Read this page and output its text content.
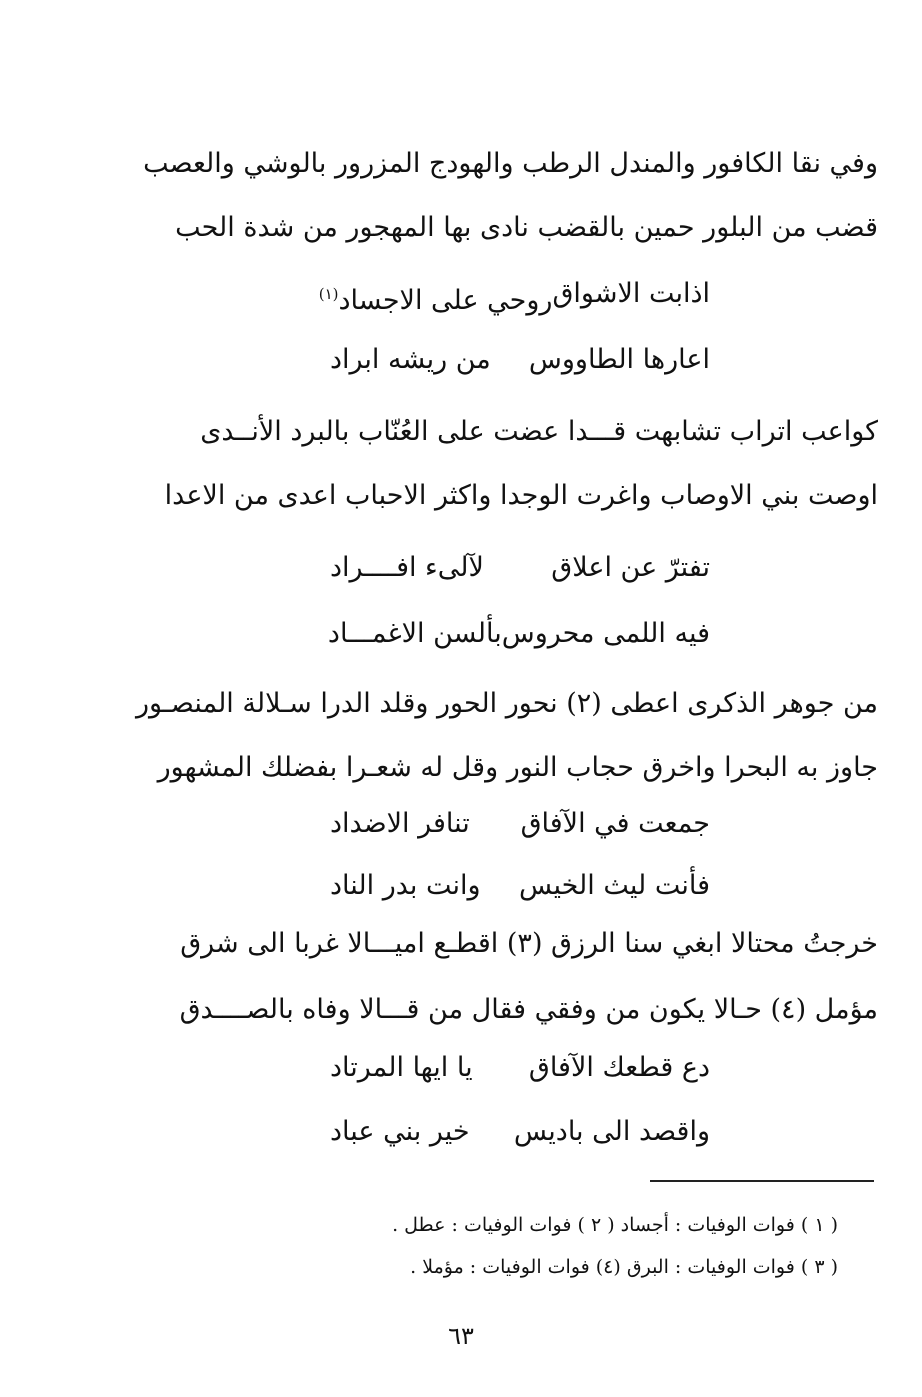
وفي نقا الكافور والمندل الرطب والهودج المزرور بالوشي والعصب
قضب من البلور حمين بالقضب نادى بها المهجور من شدة الحب
اذابت الاشواق
روحي على الاجساد$^{(١)}$
اعارها الطاووس
من ريشه ابراد
كواعب اتراب تشابهت قـــدا عضت على العُنّاب بالبرد الأنــدى
اوصت بني الاوصاب واغرت الوجدا واكثر الاحباب اعدى من الاعدا
تفترّ عن اعلاق
لآلىء افــــراد
فيه اللمى محروس
بألسن الاغمـــاد
من جوهر الذكرى اعطى (٢) نحور الحور وقلد الدرا سـلالة المنصـور
جاوز به البحرا واخرق حجاب النور وقل له شعـرا بفضلك المشهور
جمعت في الآفاق
تنافر الاضداد
فأنت ليث الخيس
وانت بدر الناد
خرجتُ محتالا ابغي سنا الرزق (٣) اقطـع اميـــالا غربا الى شرق
مؤمل (٤) حـالا يكون من وفقي فقال من قـــالا وفاه بالصــــدق
دع قطعك الآفاق
يا ايها المرتاد
واقصد الى باديس
خير بني عباد
( ١ ) فوات الوفيات : أجساد ( ٢ ) فوات الوفيات : عطل .
( ٣ ) فوات الوفيات : البرق (٤) فوات الوفيات : مؤملا .
٦٣
